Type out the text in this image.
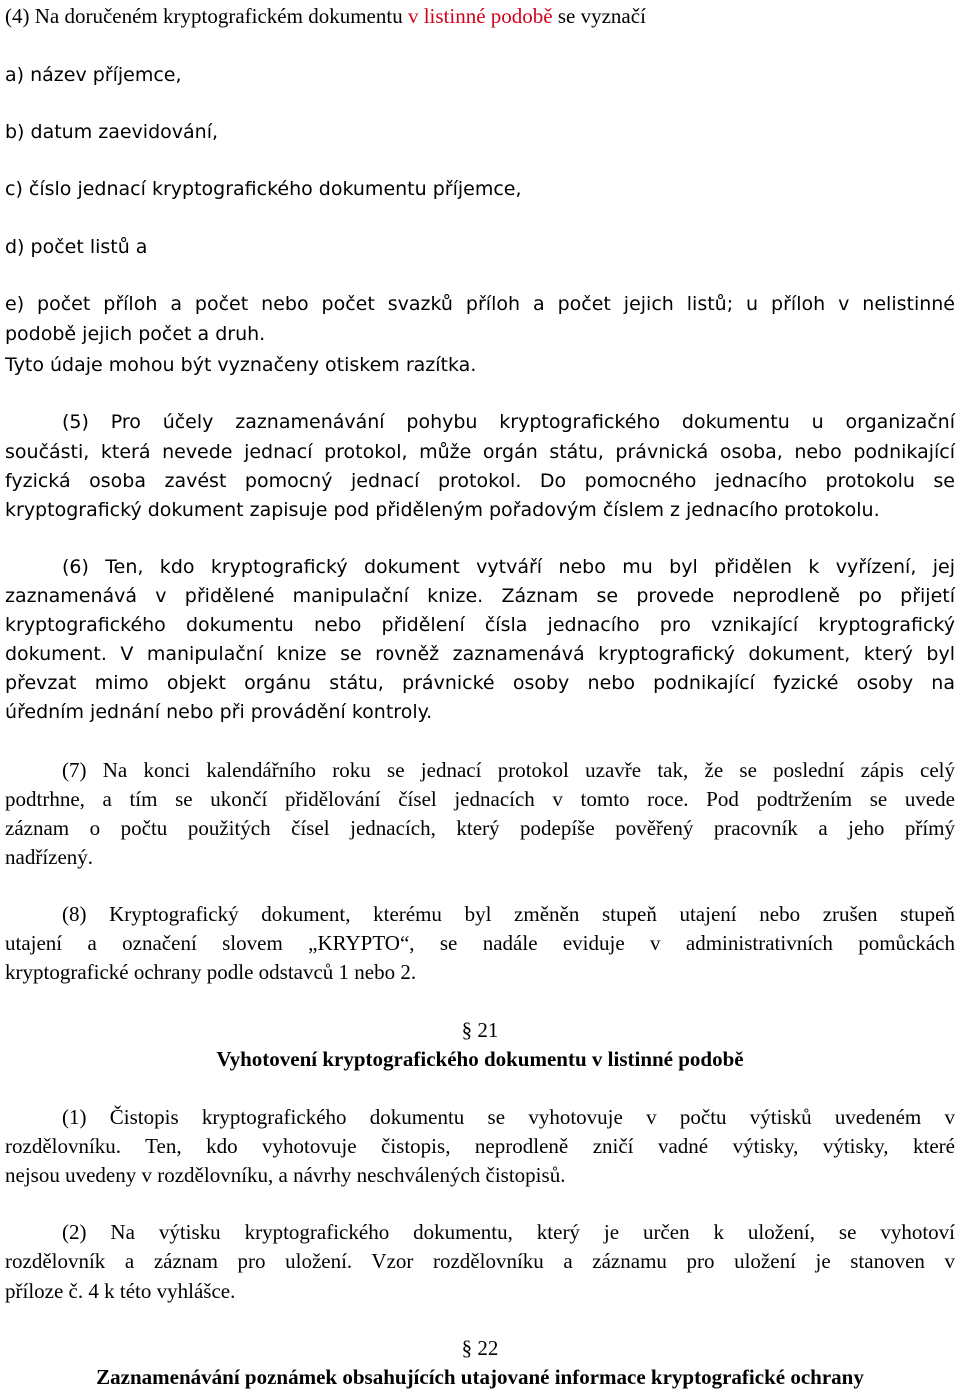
(4) Na doručeném kryptografickém dokumentu v listinné podobě se vyznačí
a) název příjemce,
b) datum zaevidování,
c) číslo jednací kryptografického dokumentu příjemce,
d) počet listů a
e) počet příloh a počet nebo počet svazků příloh a počet jejich listů; u příloh v nelistinné
podobě jejich počet a druh.
Tyto údaje mohou být vyznačeny otiskem razítka.
(5) Pro účely zaznamenávání pohybu kryptografického dokumentu u organizační
součásti, která nevede jednací protokol, může orgán státu, právnická osoba, nebo podnikající
fyzická osoba zavést pomocný jednací protokol. Do pomocného jednacího protokolu se
kryptografický dokument zapisuje pod přiděleným pořadovým číslem z jednacího protokolu.
(6) Ten, kdo kryptografický dokument vytváří nebo mu byl přidělen k vyřízení, jej
zaznamenává v přidělené manipulační knize. Záznam se provede neprodleně po přijetí
kryptografického dokumentu nebo přidělení čísla jednacího pro vznikající kryptografický
dokument. V manipulační knize se rovněž zaznamenává kryptografický dokument, který byl
převzat mimo objekt orgánu státu, právnické osoby nebo podnikající fyzické osoby na
úředním jednání nebo při provádění kontroly.
(7) Na konci kalendářního roku se jednací protokol uzavře tak, že se poslední zápis celý
podtrhne, a tím se ukončí přidělování čísel jednacích v tomto roce. Pod podtržením se uvede
záznam o počtu použitých čísel jednacích, který podepíše pověřený pracovník a jeho přímý
nadřízený.
(8) Kryptografický dokument, kterému byl změněn stupeň utajení nebo zrušen stupeň
utajení a označení slovem „KRYPTO“, se nadále eviduje v administrativních pomůckách
kryptografické ochrany podle odstavců 1 nebo 2.
§ 21
Vyhotovení kryptografického dokumentu v listinné podobě
(1) Čistopis kryptografického dokumentu se vyhotovuje v počtu výtisků uvedeném v
rozdělovníku. Ten, kdo vyhotovuje čistopis, neprodleně zničí vadné výtisky, výtisky, které
nejsou uvedeny v rozdělovníku, a návrhy neschválených čistopisů.
(2) Na výtisku kryptografického dokumentu, který je určen k uložení, se vyhotoví
rozdělovník a záznam pro uložení. Vzor rozdělovníku a záznamu pro uložení je stanoven v
příloze č. 4 k této vyhlášce.
§ 22
Zaznamenávání poznámek obsahujících utajované informace kryptografické ochrany
